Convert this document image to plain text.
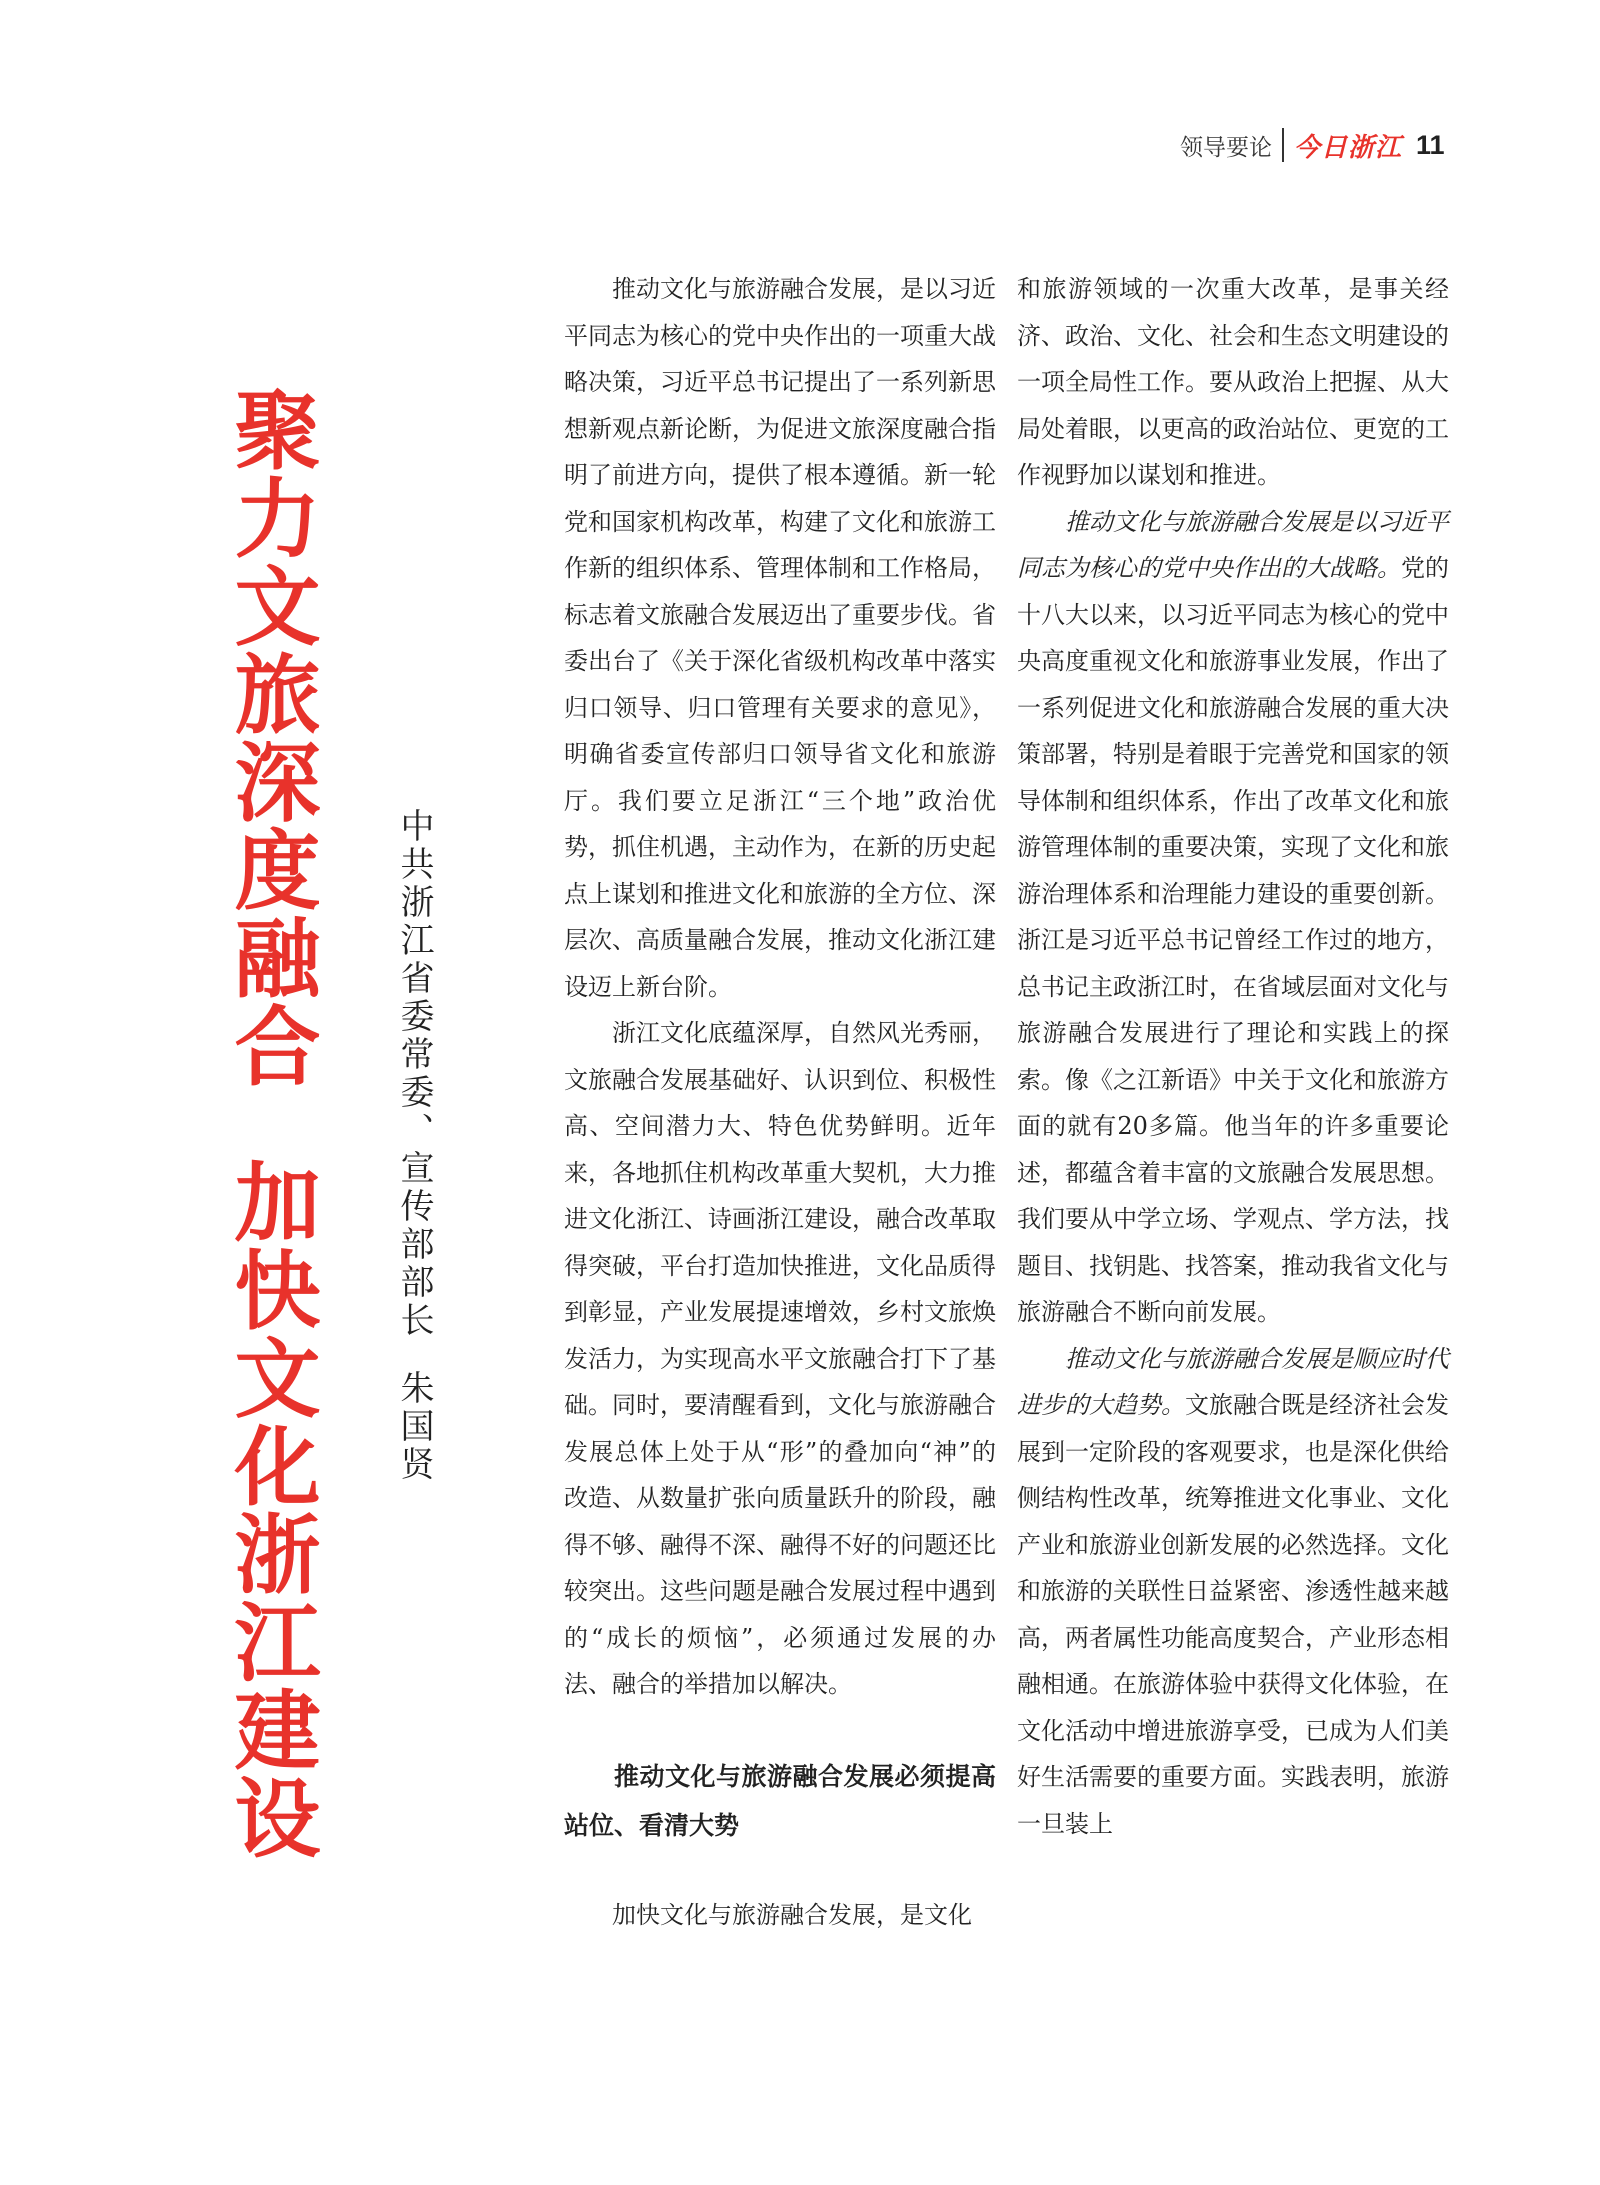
领导要论 今日浙江 11
聚
力
文
旅
深
度
融
合
加
快
文
化
浙
江
建
设
中共浙江省委常委、宣传部部长朱国贤

推动文化与旅游融合发展，是以习近平同志为核心的党中央作出的一项重大战略决策，习近平总书记提出了一系列新思想新观点新论断，为促进文旅深度融合指明了前进方向，提供了根本遵循。新一轮党和国家机构改革，构建了文化和旅游工作新的组织体系、管理体制和工作格局，标志着文旅融合发展迈出了重要步伐。省委出台了《关于深化省级机构改革中落实归口领导、归口管理有关要求的意见》，明确省委宣传部归口领导省文化和旅游厅。我们要立足浙江“三个地”政治优势，抓住机遇，主动作为，在新的历史起点上谋划和推进文化和旅游的全方位、深层次、高质量融合发展，推动文化浙江建设迈上新台阶。

浙江文化底蕴深厚，自然风光秀丽，文旅融合发展基础好、认识到位、积极性高、空间潜力大、特色优势鲜明。近年来，各地抓住机构改革重大契机，大力推进文化浙江、诗画浙江建设，融合改革取得突破，平台打造加快推进，文化品质得到彰显，产业发展提速增效，乡村文旅焕发活力，为实现高水平文旅融合打下了基础。同时，要清醒看到，文化与旅游融合发展总体上处于从“形”的叠加向“神”的改造、从数量扩张向质量跃升的阶段，融得不够、融得不深、融得不好的问题还比较突出。这些问题是融合发展过程中遇到的“成长的烦恼”，必须通过发展的办法、融合的举措加以解决。

推动文化与旅游融合发展必须提高站位、看清大势

加快文化与旅游融合发展，是文化

和旅游领域的一次重大改革，是事关经济、政治、文化、社会和生态文明建设的一项全局性工作。要从政治上把握、从大局处着眼，以更高的政治站位、更宽的工作视野加以谋划和推进。

推动文化与旅游融合发展是以习近平同志为核心的党中央作出的大战略。党的十八大以来，以习近平同志为核心的党中央高度重视文化和旅游事业发展，作出了一系列促进文化和旅游融合发展的重大决策部署，特别是着眼于完善党和国家的领导体制和组织体系，作出了改革文化和旅游管理体制的重要决策，实现了文化和旅游治理体系和治理能力建设的重要创新。浙江是习近平总书记曾经工作过的地方，总书记主政浙江时，在省域层面对文化与旅游融合发展进行了理论和实践上的探索。像《之江新语》中关于文化和旅游方面的就有20多篇。他当年的许多重要论述，都蕴含着丰富的文旅融合发展思想。我们要从中学立场、学观点、学方法，找题目、找钥匙、找答案，推动我省文化与旅游融合不断向前发展。

推动文化与旅游融合发展是顺应时代进步的大趋势。文旅融合既是经济社会发展到一定阶段的客观要求，也是深化供给侧结构性改革，统筹推进文化事业、文化产业和旅游业创新发展的必然选择。文化和旅游的关联性日益紧密、渗透性越来越高，两者属性功能高度契合，产业形态相融相通。在旅游体验中获得文化体验，在文化活动中增进旅游享受，已成为人们美好生活需要的重要方面。实践表明，旅游一旦装上
